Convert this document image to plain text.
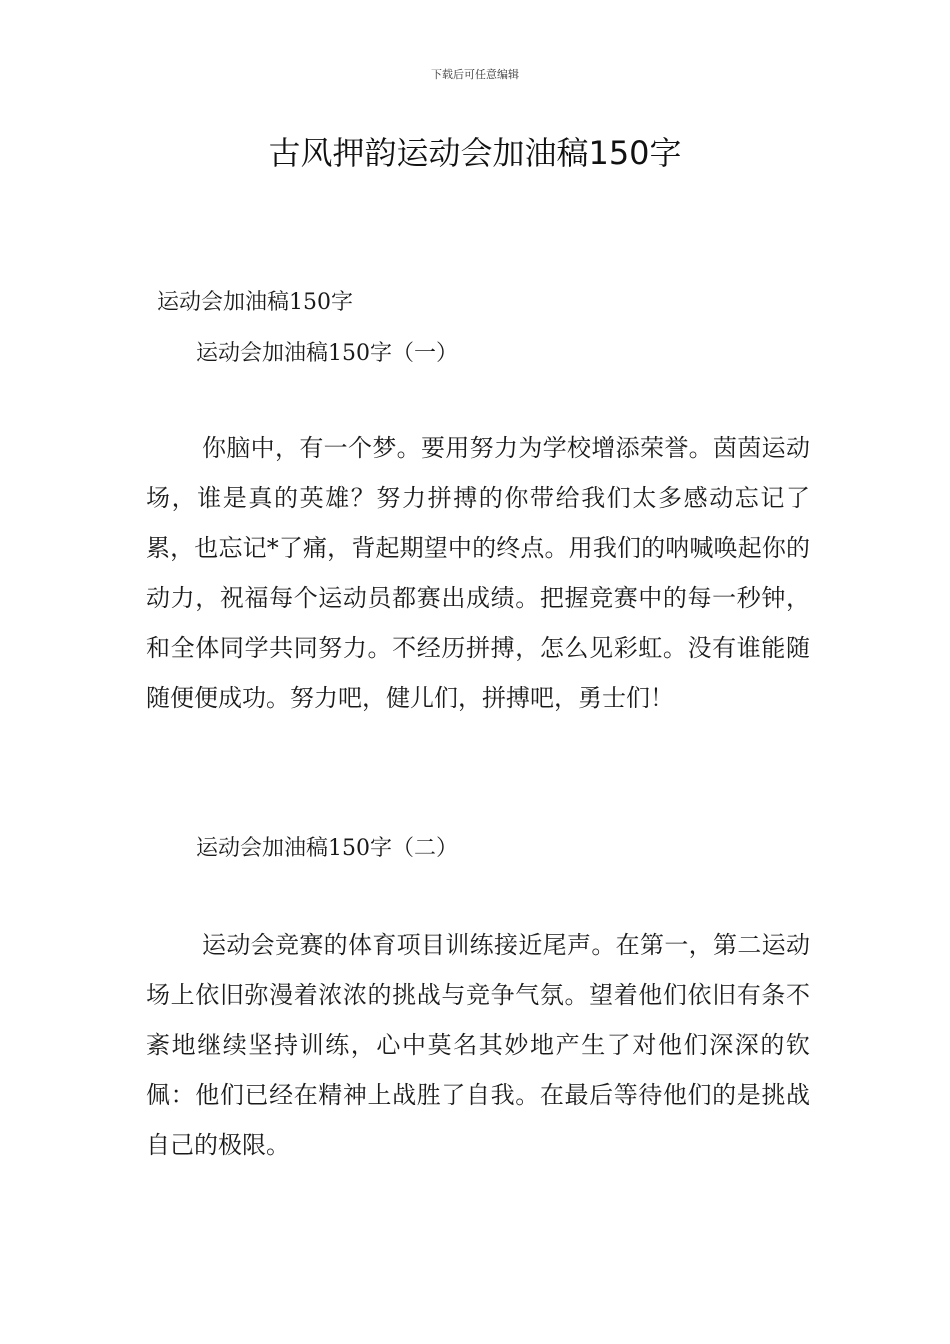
下载后可任意编辑
古风押韵运动会加油稿150字
运动会加油稿150字
运动会加油稿150字（一）
你脑中，有一个梦。要用努力为学校增添荣誉。茵茵运动场，谁是真的英雄？努力拼搏的你带给我们太多感动忘记了累，也忘记*了痛，背起期望中的终点。用我们的呐喊唤起你的动力，祝福每个运动员都赛出成绩。把握竞赛中的每一秒钟，和全体同学共同努力。不经历拼搏，怎么见彩虹。没有谁能随随便便成功。努力吧，健儿们，拼搏吧，勇士们！
运动会加油稿150字（二）
运动会竞赛的体育项目训练接近尾声。在第一，第二运动场上依旧弥漫着浓浓的挑战与竞争气氛。望着他们依旧有条不紊地继续坚持训练，心中莫名其妙地产生了对他们深深的钦佩：他们已经在精神上战胜了自我。在最后等待他们的是挑战自己的极限。
